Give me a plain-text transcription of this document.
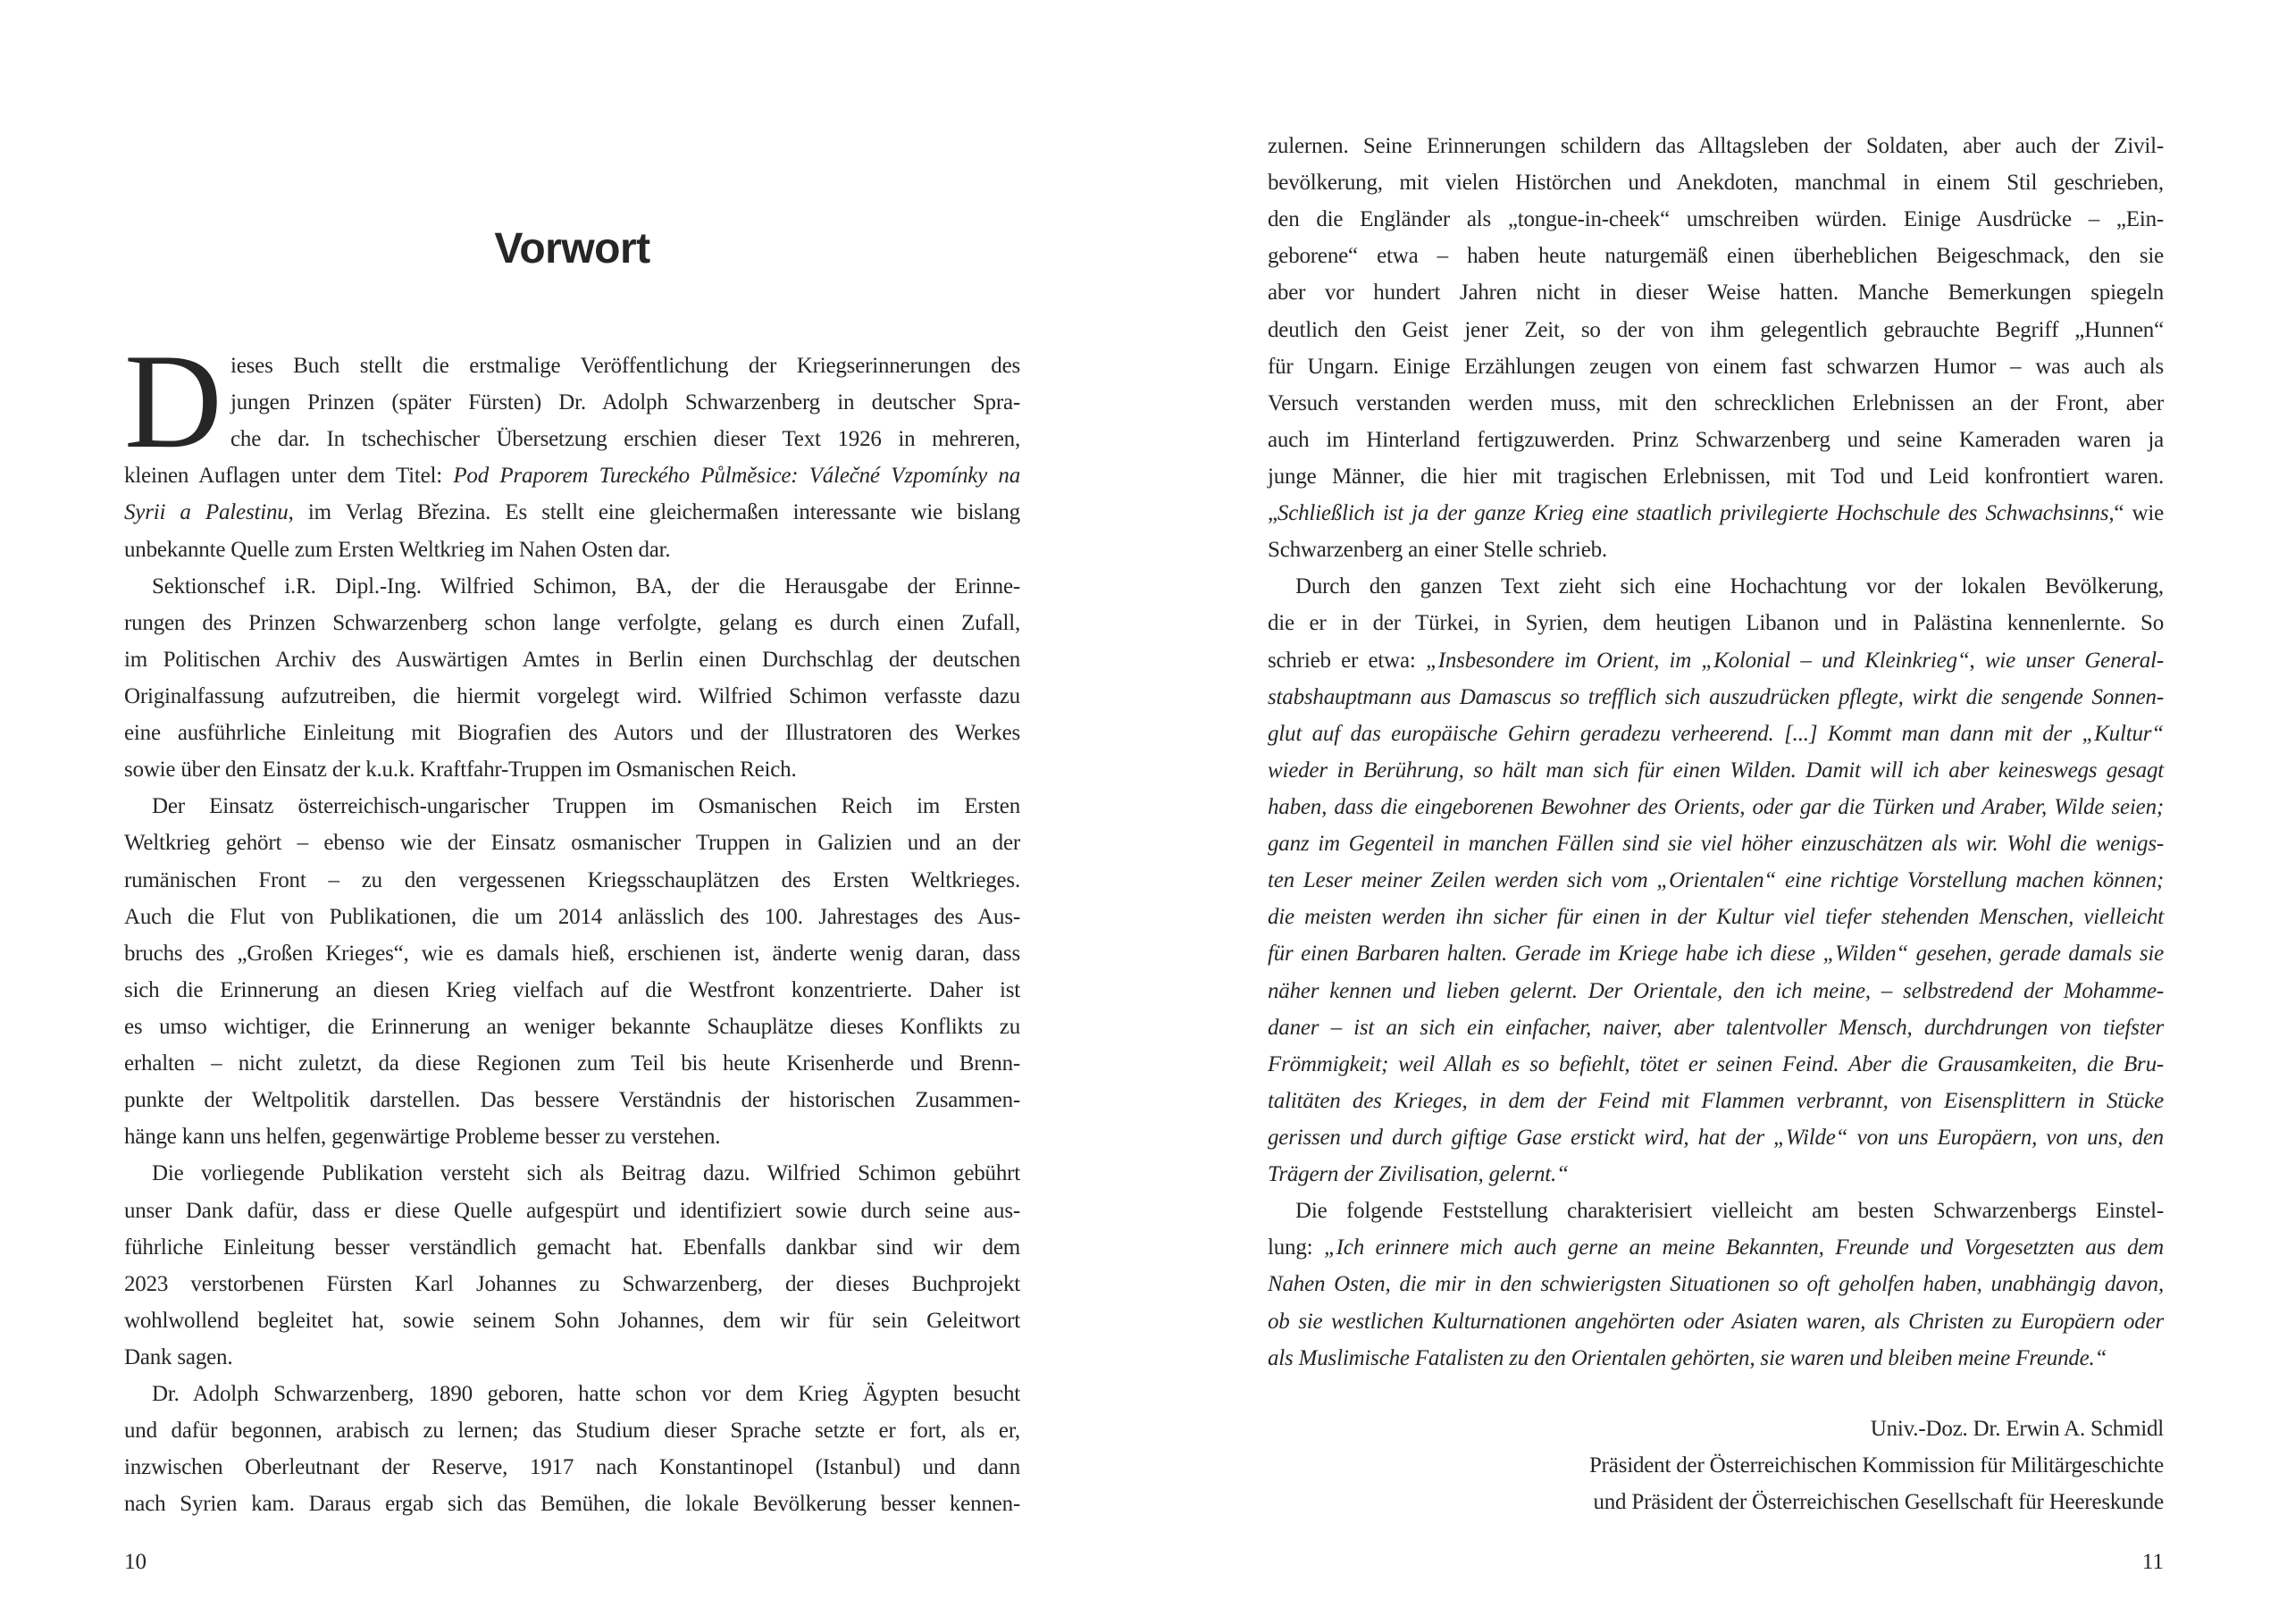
Vorwort
D ieses Buch stellt die erstmalige Veröffentlichung der Kriegserinnerungen des
jungen Prinzen (später Fürsten) Dr. Adolph Schwarzenberg in deutscher Spra-
che dar. In tschechischer Übersetzung erschien dieser Text 1926 in mehreren,
kleinen Auflagen unter dem Titel: Pod Praporem Tureckého Půlměsice: Válečné Vzpomínky na
Syrii a Palestinu, im Verlag Březina. Es stellt eine gleichermaßen interessante wie bislang
unbekannte Quelle zum Ersten Weltkrieg im Nahen Osten dar.
Sektionschef i.R. Dipl.-Ing. Wilfried Schimon, BA, der die Herausgabe der Erinne-
rungen des Prinzen Schwarzenberg schon lange verfolgte, gelang es durch einen Zufall,
im Politischen Archiv des Auswärtigen Amtes in Berlin einen Durchschlag der deutschen
Originalfassung aufzutreiben, die hiermit vorgelegt wird. Wilfried Schimon verfasste dazu
eine ausführliche Einleitung mit Biografien des Autors und der Illustratoren des Werkes
sowie über den Einsatz der k.u.k. Kraftfahr-Truppen im Osmanischen Reich.
Der Einsatz österreichisch-ungarischer Truppen im Osmanischen Reich im Ersten
Weltkrieg gehört – ebenso wie der Einsatz osmanischer Truppen in Galizien und an der
rumänischen Front – zu den vergessenen Kriegsschauplätzen des Ersten Weltkrieges.
Auch die Flut von Publikationen, die um 2014 anlässlich des 100. Jahrestages des Aus-
bruchs des „Großen Krieges“, wie es damals hieß, erschienen ist, änderte wenig daran, dass
sich die Erinnerung an diesen Krieg vielfach auf die Westfront konzentrierte. Daher ist
es umso wichtiger, die Erinnerung an weniger bekannte Schauplätze dieses Konflikts zu
erhalten – nicht zuletzt, da diese Regionen zum Teil bis heute Krisenherde und Brenn-
punkte der Weltpolitik darstellen. Das bessere Verständnis der historischen Zusammen-
hänge kann uns helfen, gegenwärtige Probleme besser zu verstehen.
Die vorliegende Publikation versteht sich als Beitrag dazu. Wilfried Schimon gebührt
unser Dank dafür, dass er diese Quelle aufgespürt und identifiziert sowie durch seine aus-
führliche Einleitung besser verständlich gemacht hat. Ebenfalls dankbar sind wir dem
2023 verstorbenen Fürsten Karl Johannes zu Schwarzenberg, der dieses Buchprojekt
wohlwollend begleitet hat, sowie seinem Sohn Johannes, dem wir für sein Geleitwort
Dank sagen.
Dr. Adolph Schwarzenberg, 1890 geboren, hatte schon vor dem Krieg Ägypten besucht
und dafür begonnen, arabisch zu lernen; das Studium dieser Sprache setzte er fort, als er,
inzwischen Oberleutnant der Reserve, 1917 nach Konstantinopel (Istanbul) und dann
nach Syrien kam. Daraus ergab sich das Bemühen, die lokale Bevölkerung besser kennen-
10
zulernen. Seine Erinnerungen schildern das Alltagsleben der Soldaten, aber auch der Zivil-
bevölkerung, mit vielen Histörchen und Anekdoten, manchmal in einem Stil geschrieben,
den die Engländer als „tongue-in-cheek“ umschreiben würden. Einige Ausdrücke – „Ein-
geborene“ etwa – haben heute naturgemäß einen überheblichen Beigeschmack, den sie
aber vor hundert Jahren nicht in dieser Weise hatten. Manche Bemerkungen spiegeln
deutlich den Geist jener Zeit, so der von ihm gelegentlich gebrauchte Begriff „Hunnen“
für Ungarn. Einige Erzählungen zeugen von einem fast schwarzen Humor – was auch als
Versuch verstanden werden muss, mit den schrecklichen Erlebnissen an der Front, aber
auch im Hinterland fertigzuwerden. Prinz Schwarzenberg und seine Kameraden waren ja
junge Männer, die hier mit tragischen Erlebnissen, mit Tod und Leid konfrontiert waren.
„Schließlich ist ja der ganze Krieg eine staatlich privilegierte Hochschule des Schwachsinns,“ wie
Schwarzenberg an einer Stelle schrieb.
Durch den ganzen Text zieht sich eine Hochachtung vor der lokalen Bevölkerung,
die er in der Türkei, in Syrien, dem heutigen Libanon und in Palästina kennenlernte. So
schrieb er etwa: „Insbesondere im Orient, im „Kolonial – und Kleinkrieg“, wie unser General-
stabshauptmann aus Damascus so trefflich sich auszudrücken pflegte, wirkt die sengende Sonnen-
glut auf das europäische Gehirn geradezu verheerend. [...] Kommt man dann mit der „Kultur“
wieder in Berührung, so hält man sich für einen Wilden. Damit will ich aber keineswegs gesagt
haben, dass die eingeborenen Bewohner des Orients, oder gar die Türken und Araber, Wilde seien;
ganz im Gegenteil in manchen Fällen sind sie viel höher einzuschätzen als wir. Wohl die wenigs-
ten Leser meiner Zeilen werden sich vom „Orientalen“ eine richtige Vorstellung machen können;
die meisten werden ihn sicher für einen in der Kultur viel tiefer stehenden Menschen, vielleicht
für einen Barbaren halten. Gerade im Kriege habe ich diese „Wilden“ gesehen, gerade damals sie
näher kennen und lieben gelernt. Der Orientale, den ich meine, – selbstredend der Mohamme-
daner – ist an sich ein einfacher, naiver, aber talentvoller Mensch, durchdrungen von tiefster
Frömmigkeit; weil Allah es so befiehlt, tötet er seinen Feind. Aber die Grausamkeiten, die Bru-
talitäten des Krieges, in dem der Feind mit Flammen verbrannt, von Eisensplittern in Stücke
gerissen und durch giftige Gase erstickt wird, hat der „Wilde“ von uns Europäern, von uns, den
Trägern der Zivilisation, gelernt.“
Die folgende Feststellung charakterisiert vielleicht am besten Schwarzenbergs Einstel-
lung: „Ich erinnere mich auch gerne an meine Bekannten, Freunde und Vorgesetzten aus dem
Nahen Osten, die mir in den schwierigsten Situationen so oft geholfen haben, unabhängig davon,
ob sie westlichen Kulturnationen angehörten oder Asiaten waren, als Christen zu Europäern oder
als Muslimische Fatalisten zu den Orientalen gehörten, sie waren und bleiben meine Freunde.“
Univ.-Doz. Dr. Erwin A. Schmidl
Präsident der Österreichischen Kommission für Militärgeschichte
und Präsident der Österreichischen Gesellschaft für Heereskunde
11
